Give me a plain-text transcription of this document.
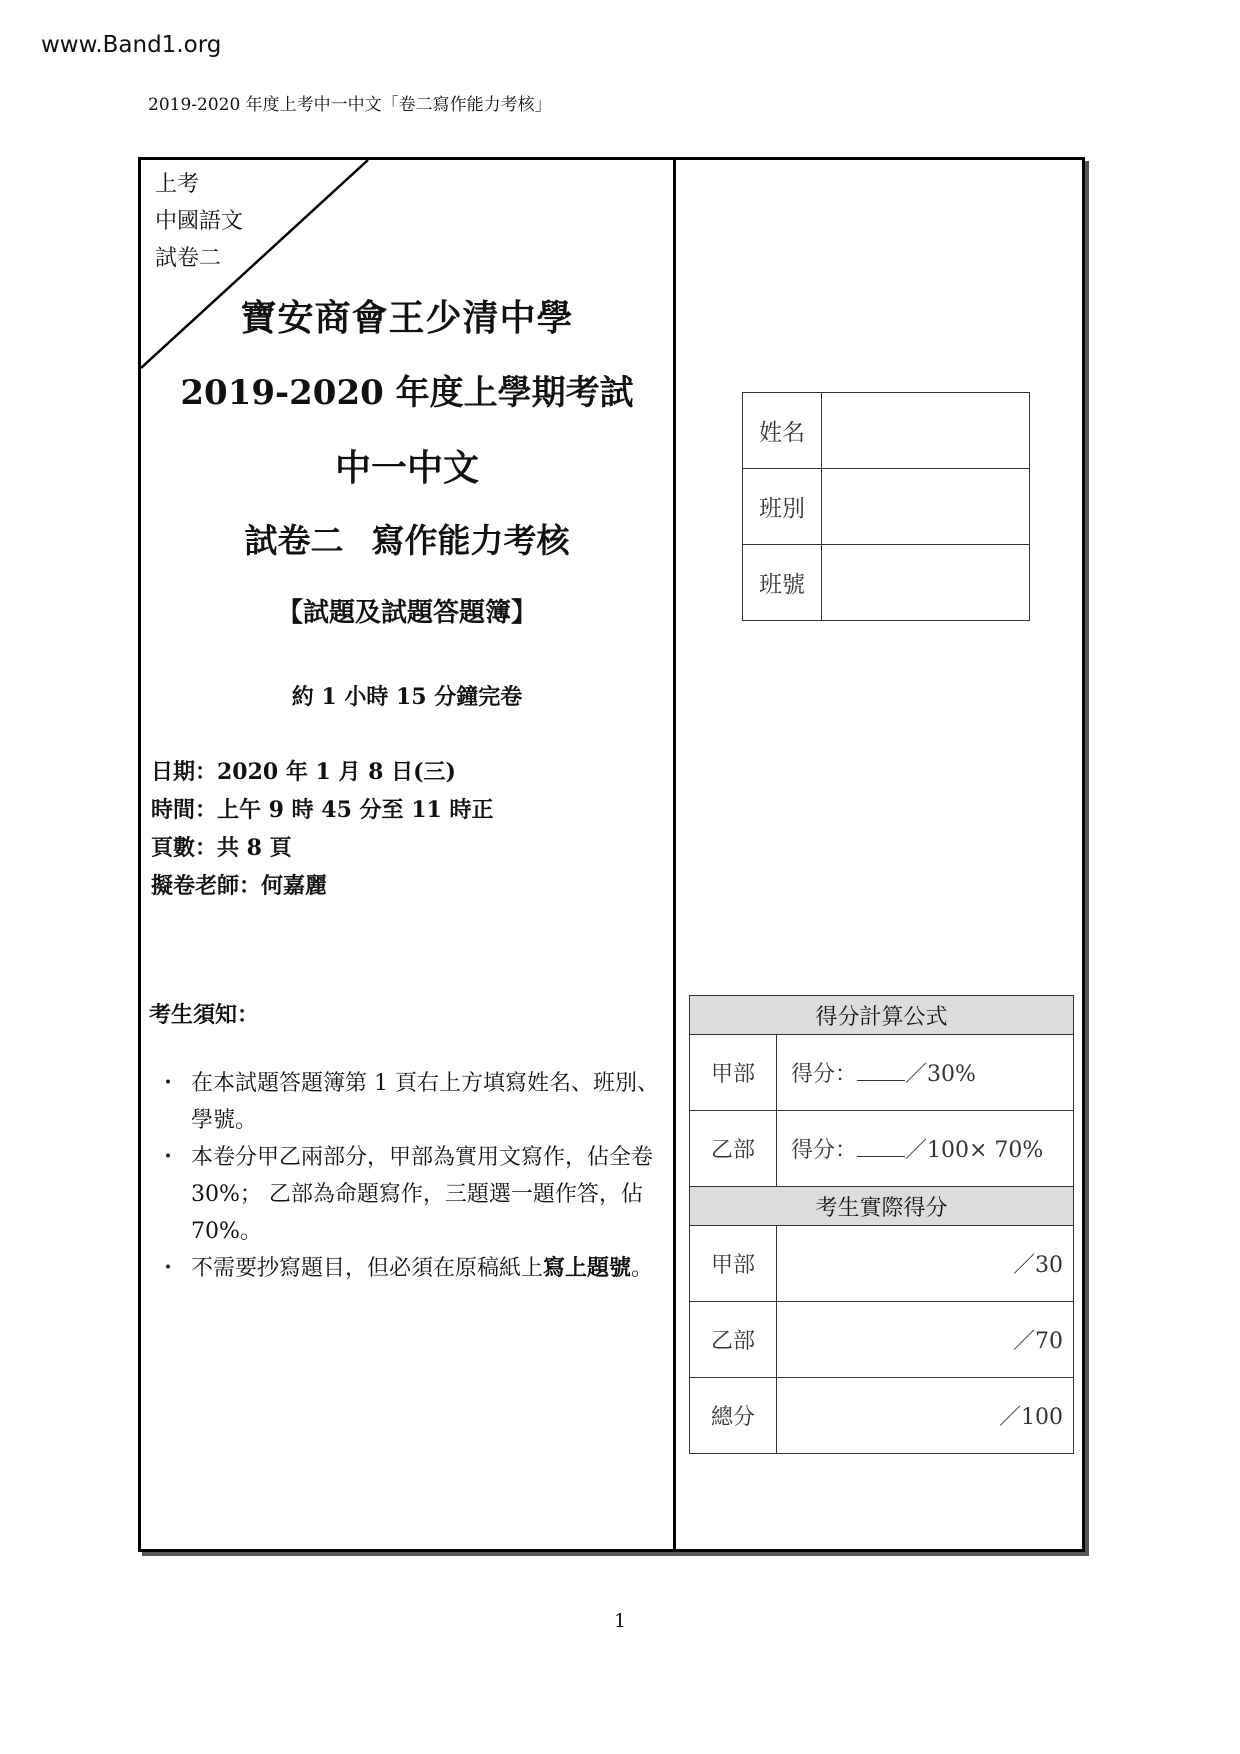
www.Band1.org
2019-2020 年度上考中一中文「卷二寫作能力考核」
上考
中國語文
試卷二
寶安商會王少清中學
2019-2020 年度上學期考試
中一中文
試卷二 寫作能力考核
【試題及試題答題簿】
約 1 小時 15 分鐘完卷
日期：2020 年 1 月 8 日(三)
時間：上午 9 時 45 分至 11 時正
頁數：共 8 頁
擬卷老師：何嘉麗
考生須知：
・ 在本試題答題簿第 1 頁右上方填寫姓名、班別、學號。
・ 本卷分甲乙兩部分，甲部為實用文寫作，佔全卷 30%； 乙部為命題寫作，三題選一題作答，佔 70%。
・ 不需要抄寫題目，但必須在原稿紙上寫上題號。
姓名	
班別	
班號	
得分計算公式	
甲部	得分： ／30%
乙部	得分： ／100× 70%
考生實際得分	
甲部	／30
乙部	／70
總分	／100
1
